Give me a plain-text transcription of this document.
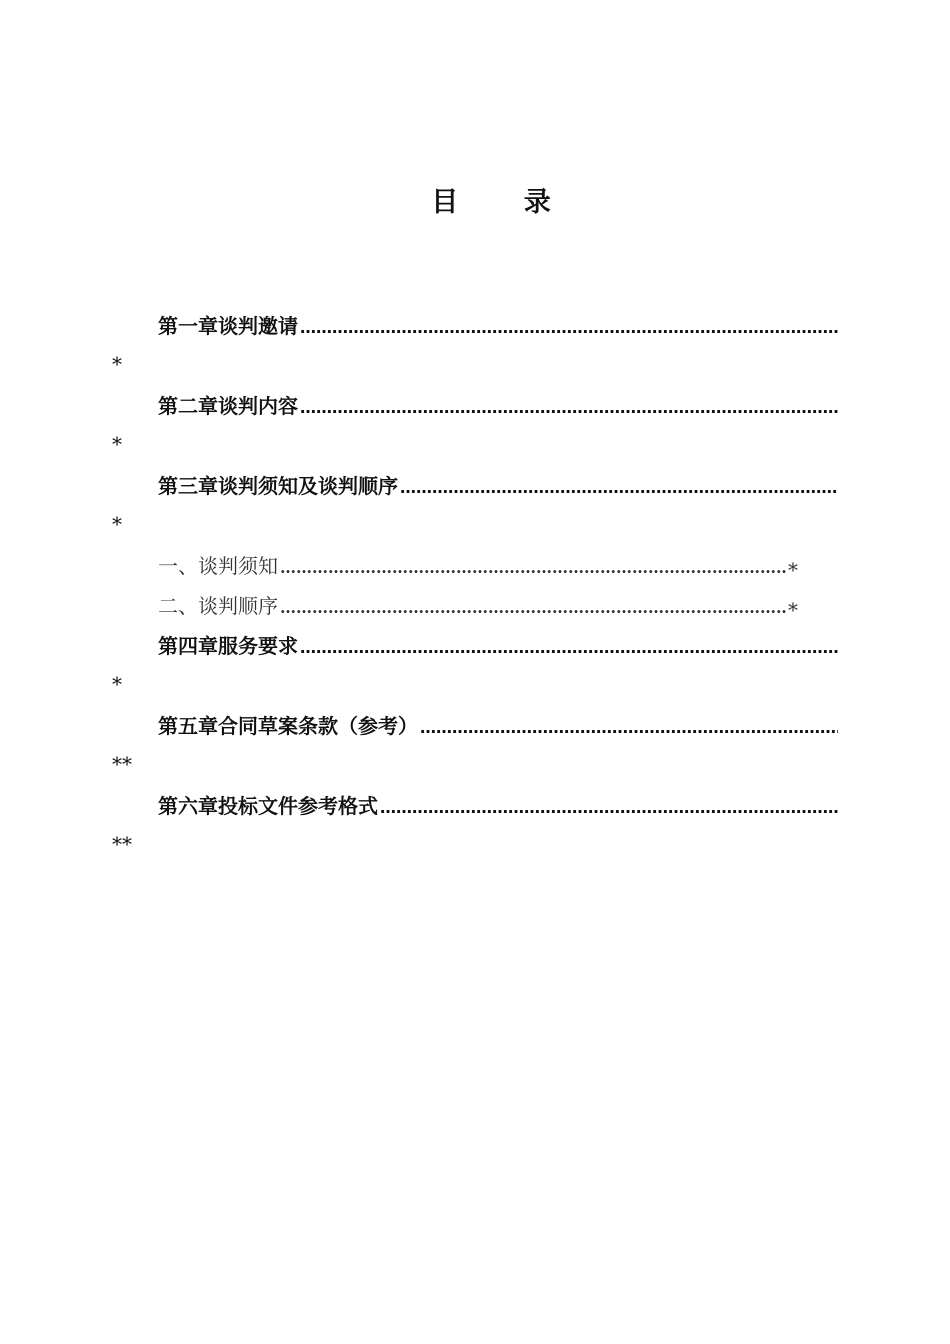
目 录
第一章 谈判邀请
…………………………………………………………………………………………………………………………………………………………………………
*
第二章 谈判内容
…………………………………………………………………………………………………………………………………………………………………………
*
第三章 谈判须知及谈判顺序
…………………………………………………………………………………………………………………………………………………………………………
*
一、谈判须知 …………………………………………………………………………………………………………………………………………………………………………	*
二、谈判顺序 …………………………………………………………………………………………………………………………………………………………………………	*
第四章 服务要求
…………………………………………………………………………………………………………………………………………………………………………
*
第五章 合同草案条款（参考）
…………………………………………………………………………………………………………………………………………………………………………
**
第六章 投标文件参考格式
…………………………………………………………………………………………………………………………………………………………………………
**
